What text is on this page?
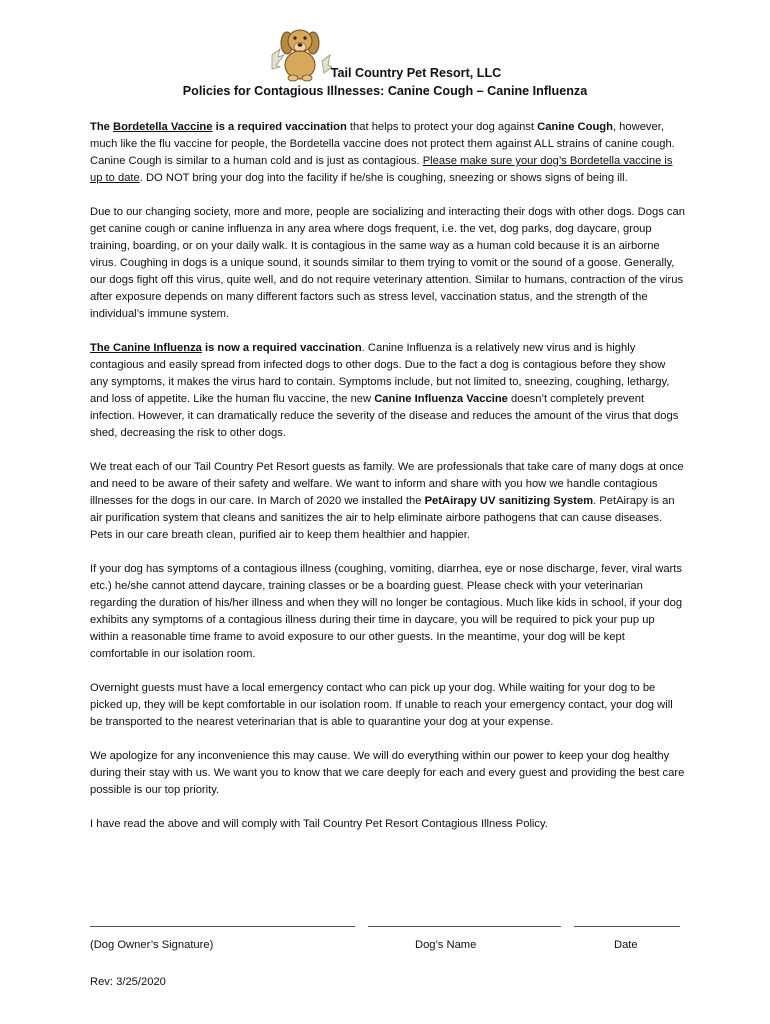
Tail Country Pet Resort, LLC
Policies for Contagious Illnesses: Canine Cough – Canine Influenza

The Bordetella Vaccine is a required vaccination that helps to protect your dog against Canine Cough, however, much like the flu vaccine for people, the Bordetella vaccine does not protect them against ALL strains of canine cough. Canine Cough is similar to a human cold and is just as contagious. Please make sure your dog’s Bordetella vaccine is up to date. DO NOT bring your dog into the facility if he/she is coughing, sneezing or shows signs of being ill.

Due to our changing society, more and more, people are socializing and interacting their dogs with other dogs. Dogs can get canine cough or canine influenza in any area where dogs frequent, i.e. the vet, dog parks, dog daycare, group training, boarding, or on your daily walk. It is contagious in the same way as a human cold because it is an airborne virus. Coughing in dogs is a unique sound, it sounds similar to them trying to vomit or the sound of a goose. Generally, our dogs fight off this virus, quite well, and do not require veterinary attention. Similar to humans, contraction of the virus after exposure depends on many different factors such as stress level, vaccination status, and the strength of the individual’s immune system.

The Canine Influenza is now a required vaccination. Canine Influenza is a relatively new virus and is highly contagious and easily spread from infected dogs to other dogs. Due to the fact a dog is contagious before they show any symptoms, it makes the virus hard to contain. Symptoms include, but not limited to, sneezing, coughing, lethargy, and loss of appetite. Like the human flu vaccine, the new Canine Influenza Vaccine doesn’t completely prevent infection. However, it can dramatically reduce the severity of the disease and reduces the amount of the virus that dogs shed, decreasing the risk to other dogs.

We treat each of our Tail Country Pet Resort guests as family. We are professionals that take care of many dogs at once and need to be aware of their safety and welfare. We want to inform and share with you how we handle contagious illnesses for the dogs in our care. In March of 2020 we installed the PetAirapy UV sanitizing System. PetAirapy is an air purification system that cleans and sanitizes the air to help eliminate airbore pathogens that can cause diseases. Pets in our care breath clean, purified air to keep them healthier and happier.

If your dog has symptoms of a contagious illness (coughing, vomiting, diarrhea, eye or nose discharge, fever, viral warts etc.) he/she cannot attend daycare, training classes or be a boarding guest. Please check with your veterinarian regarding the duration of his/her illness and when they will no longer be contagious. Much like kids in school, if your dog exhibits any symptoms of a contagious illness during their time in daycare, you will be required to pick your pup up within a reasonable time frame to avoid exposure to our other guests. In the meantime, your dog will be kept comfortable in our isolation room.

Overnight guests must have a local emergency contact who can pick up your dog. While waiting for your dog to be picked up, they will be kept comfortable in our isolation room. If unable to reach your emergency contact, your dog will be transported to the nearest veterinarian that is able to quarantine your dog at your expense.

We apologize for any inconvenience this may cause. We will do everything within our power to keep your dog healthy during their stay with us. We want you to know that we care deeply for each and every guest and providing the best care possible is our top priority.

I have read the above and will comply with Tail Country Pet Resort Contagious Illness Policy.

(Dog Owner’s Signature)	Dog’s Name	Date
Rev: 3/25/2020
